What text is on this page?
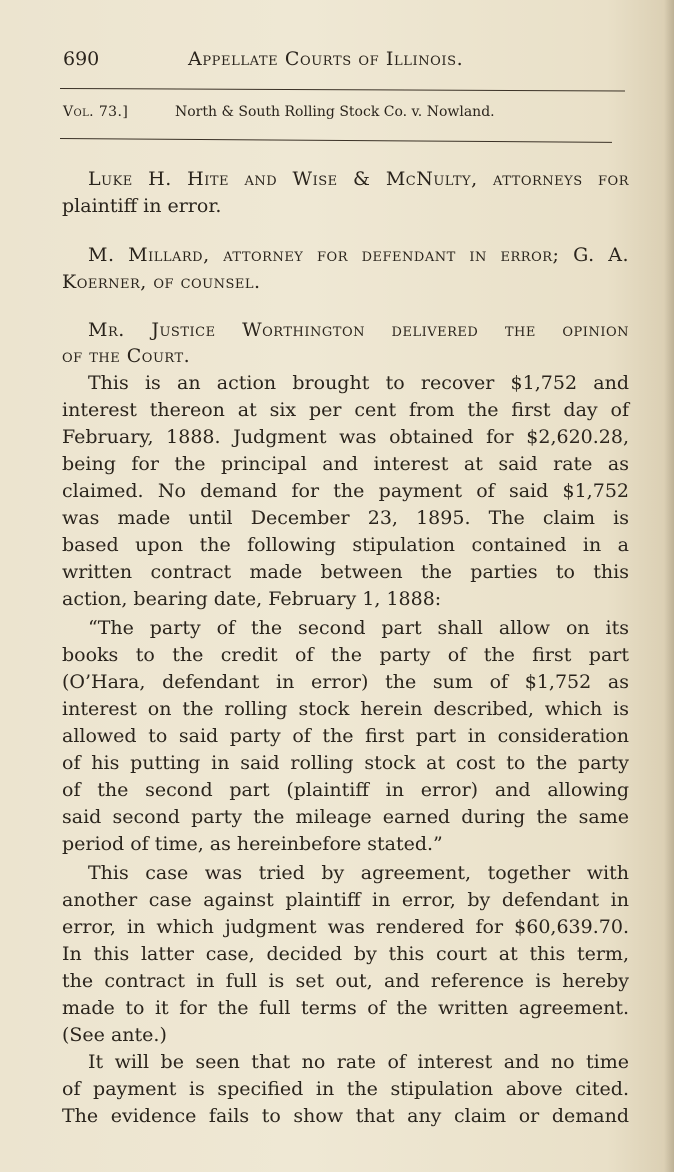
690	Appellate Courts of Illinois.
Vol. 73.]	North & South Rolling Stock Co. v. Nowland.
Luke H. Hite and Wise & McNulty, attorneys for
plaintiff in error.
M. Millard, attorney for defendant in error; G. A.
Koerner, of counsel.
Mr. Justice Worthington delivered the opinion
of the Court.
This is an action brought to recover $1,752 and
interest thereon at six per cent from the first day of
February, 1888. Judgment was obtained for $2,620.28,
being for the principal and interest at said rate as
claimed. No demand for the payment of said $1,752
was made until December 23, 1895. The claim is
based upon the following stipulation contained in a
written contract made between the parties to this
action, bearing date, February 1, 1888:
“The party of the second part shall allow on its
books to the credit of the party of the first part
(O’Hara, defendant in error) the sum of $1,752 as
interest on the rolling stock herein described, which is
allowed to said party of the first part in consideration
of his putting in said rolling stock at cost to the party
of the second part (plaintiff in error) and allowing
said second party the mileage earned during the same
period of time, as hereinbefore stated.”
This case was tried by agreement, together with
another case against plaintiff in error, by defendant in
error, in which judgment was rendered for $60,639.70.
In this latter case, decided by this court at this term,
the contract in full is set out, and reference is hereby
made to it for the full terms of the written agreement.
(See ante.)
It will be seen that no rate of interest and no time
of payment is specified in the stipulation above cited.
The evidence fails to show that any claim or demand
